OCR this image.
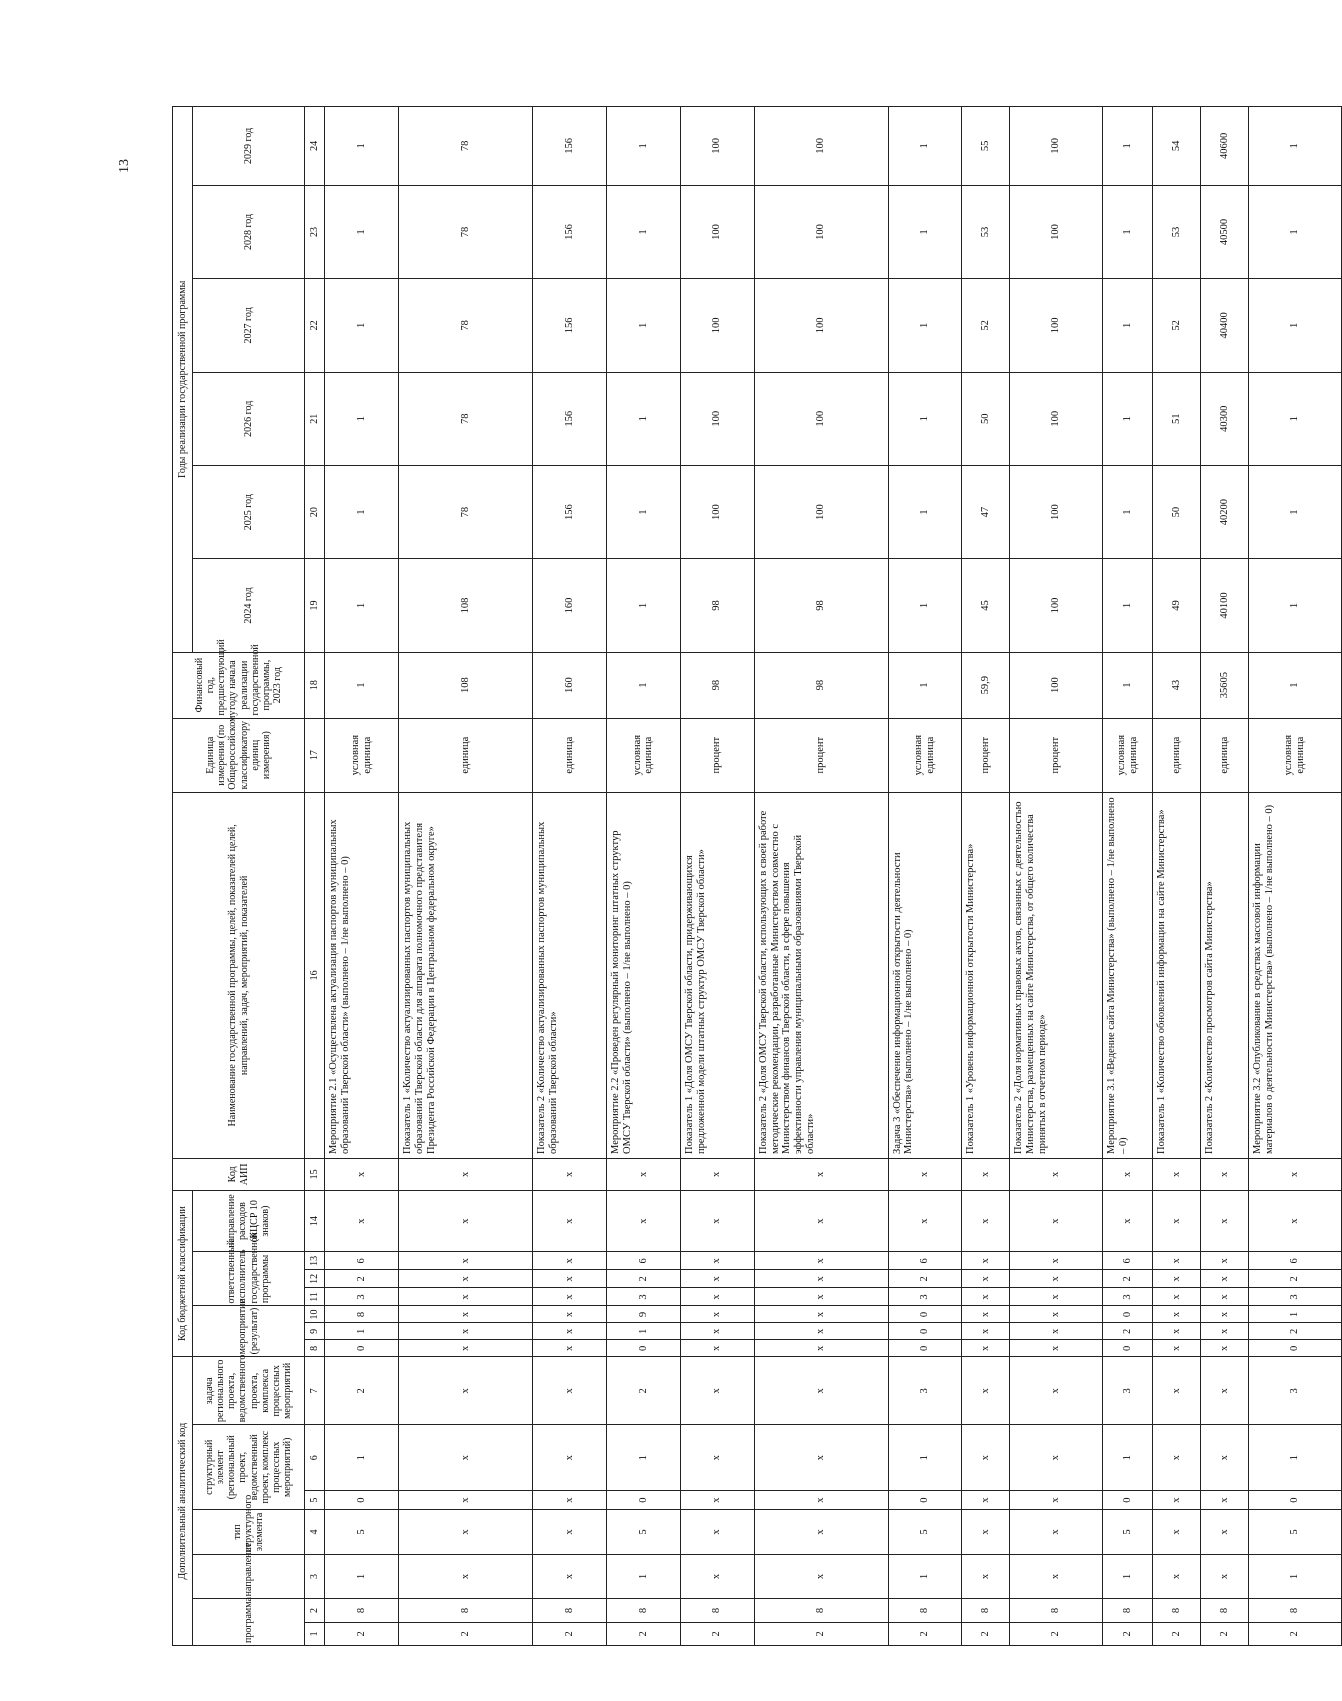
13
Дополнительный аналитический код							Код бюджетной классификации							Код АИП	Наименование государственной программы, целей, показателей целей, направлений, задач, мероприятий, показателей	Единица измерения (по Общероссийскому классификатору единиц измерения)	Финансовый год, предшествующий году начала реализации государственной программы, 2023 год	Годы реализации государственной программы					
программа		направление	тип структурного элемента	структурный элемент (региональный проект, ведомственный проект, комплекс процессных мероприятий)		задача регионального проекта, ведомственного проекта, комплекса процессных мероприятий	мероприятие (результат)			ответственный исполнитель государственной программы			направление расходов (КЦСР 10 знаков)					2024 год	2025 год	2026 год	2027 год	2028 год	2029 год
1	2	3	4	5	6	7	8	9	10	11	12	13	14	15	16	17	18	19	20	21	22	23	24
2	8	1	5	0	1	2	0	1	8	3	2	6	х	х	Мероприятие 2.1 «Осуществлена актуализация паспортов муниципальных образований Тверской области» (выполнено – 1/не выполнено – 0)	условная единица	1	1	1	1	1	1	1
2	8	х	х	х	х	х	х	х	х	х	х	х	х	х	Показатель 1 «Количество актуализированных паспортов муниципальных образований Тверской области для аппарата полномочного представителя Президента Российской Федерации в Центральном федеральном округе»	единица	108	108	78	78	78	78	78
2	8	х	х	х	х	х	х	х	х	х	х	х	х	х	Показатель 2 «Количество актуализированных паспортов муниципальных образований Тверской области»	единица	160	160	156	156	156	156	156
2	8	1	5	0	1	2	0	1	9	3	2	6	х	х	Мероприятие 2.2 «Проведен регулярный мониторинг штатных структур ОМСУ Тверской области» (выполнено – 1/не выполнено – 0)	условная единица	1	1	1	1	1	1	1
2	8	х	х	х	х	х	х	х	х	х	х	х	х	х	Показатель 1 «Доля ОМСУ Тверской области, придерживающихся предложенной модели штатных структур ОМСУ Тверской области»	процент	98	98	100	100	100	100	100
2	8	х	х	х	х	х	х	х	х	х	х	х	х	х	Показатель 2 «Доля ОМСУ Тверской области, использующих в своей работе методические рекомендации, разработанные Министерством совместно с Министерством финансов Тверской области, в сфере повышения эффективности управления муниципальными образованиями Тверской области»	процент	98	98	100	100	100	100	100
2	8	1	5	0	1	3	0	0	0	3	2	6	х	х	Задача 3 «Обеспечение информационной открытости деятельности Министерства» (выполнено – 1/не выполнено – 0)	условная единица	1	1	1	1	1	1	1
2	8	х	х	х	х	х	х	х	х	х	х	х	х	х	Показатель 1 «Уровень информационной открытости Министерства»	процент	59,9	45	47	50	52	53	55
2	8	х	х	х	х	х	х	х	х	х	х	х	х	х	Показатель 2 «Доля нормативных правовых актов, связанных с деятельностью Министерства, размещенных на сайте Министерства, от общего количества принятых в отчетном периоде»	процент	100	100	100	100	100	100	100
2	8	1	5	0	1	3	0	2	0	3	2	6	х	х	Мероприятие 3.1 «Ведение сайта Министерства» (выполнено – 1/не выполнено – 0)	условная единица	1	1	1	1	1	1	1
2	8	х	х	х	х	х	х	х	х	х	х	х	х	х	Показатель 1 «Количество обновлений информации на сайте Министерства»	единица	43	49	50	51	52	53	54
2	8	х	х	х	х	х	х	х	х	х	х	х	х	х	Показатель 2 «Количество просмотров сайта Министерства»	единица	35605	40100	40200	40300	40400	40500	40600
2	8	1	5	0	1	3	0	2	1	3	2	6	х	х	Мероприятие 3.2 «Опубликование в средствах массовой информации материалов о деятельности Министерства» (выполнено – 1/не выполнено – 0)	условная единица	1	1	1	1	1	1	1
